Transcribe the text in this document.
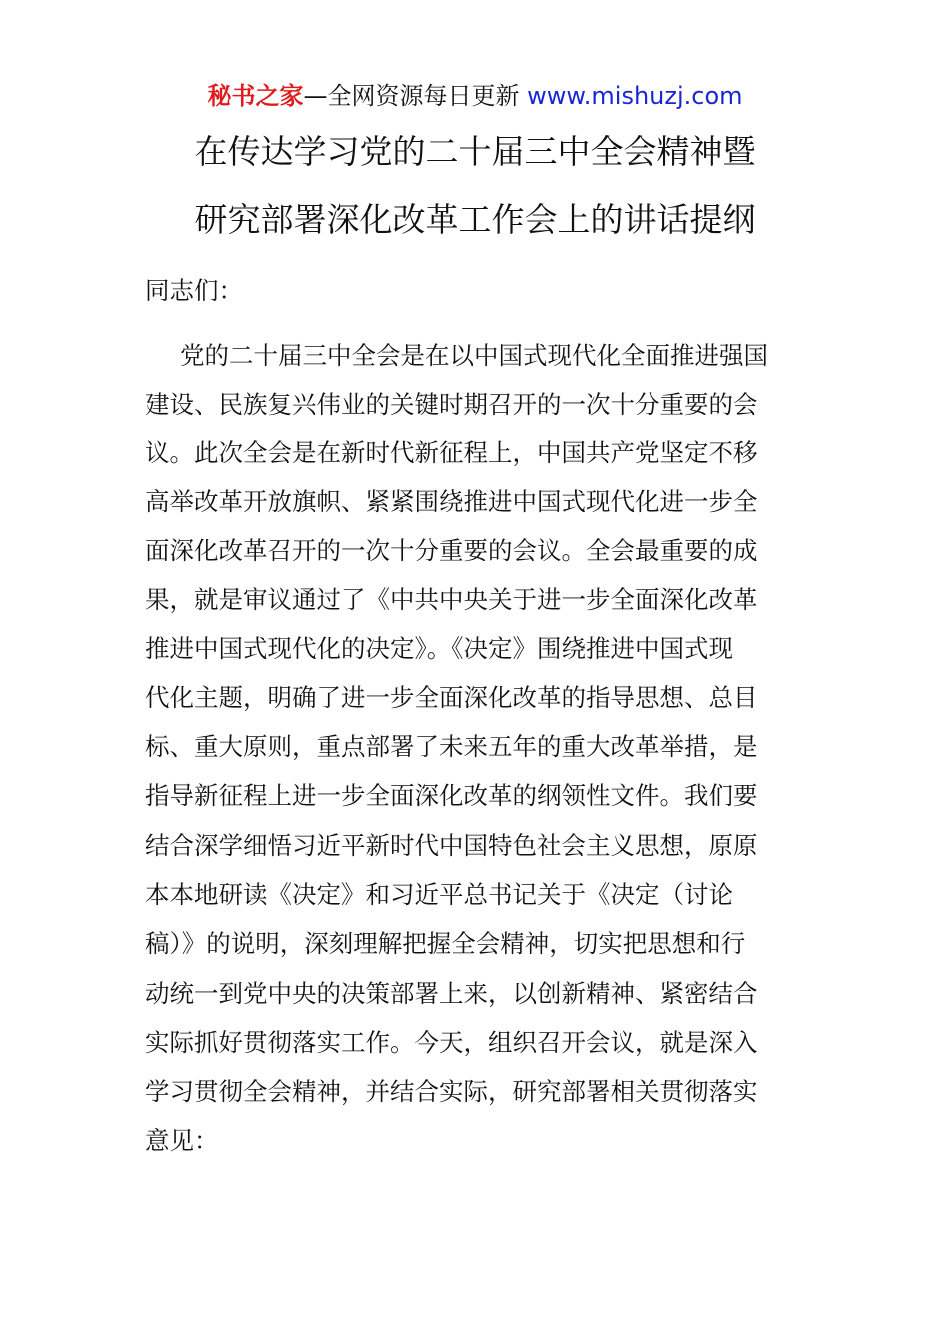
秘书之家—全网资源每日更新 www.mishuzj.com
在传达学习党的二十届三中全会精神暨
研究部署深化改革工作会上的讲话提纲
同志们：
党的二十届三中全会是在以中国式现代化全面推进强国
建设、民族复兴伟业的关键时期召开的一次十分重要的会
议。此次全会是在新时代新征程上，中国共产党坚定不移
高举改革开放旗帜、紧紧围绕推进中国式现代化进一步全
面深化改革召开的一次十分重要的会议。全会最重要的成
果，就是审议通过了《中共中央关于进一步全面深化改革
推进中国式现代化的决定》。《决定》围绕推进中国式现
代化主题，明确了进一步全面深化改革的指导思想、总目
标、重大原则，重点部署了未来五年的重大改革举措，是
指导新征程上进一步全面深化改革的纲领性文件。我们要
结合深学细悟习近平新时代中国特色社会主义思想，原原
本本地研读《决定》和习近平总书记关于《决定（讨论
稿）》的说明，深刻理解把握全会精神，切实把思想和行
动统一到党中央的决策部署上来，以创新精神、紧密结合
实际抓好贯彻落实工作。今天，组织召开会议，就是深入
学习贯彻全会精神，并结合实际，研究部署相关贯彻落实
意见：
